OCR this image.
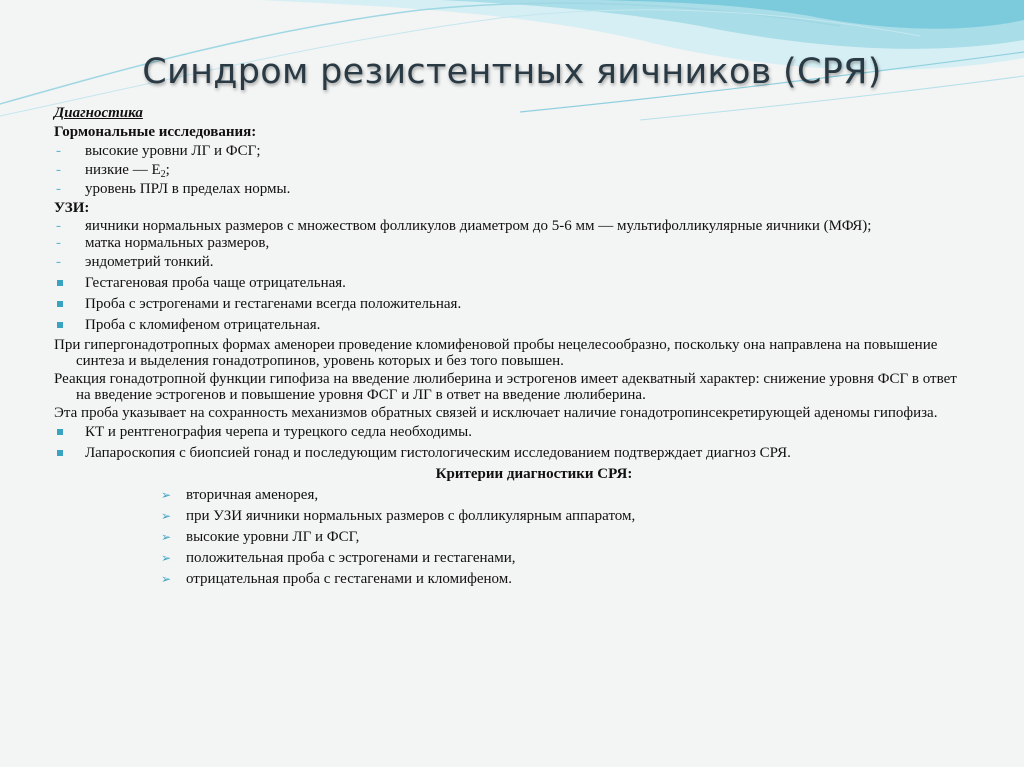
Синдром резистентных яичников (СРЯ)

Диагностика

Гормональные исследования:

- высокие уровни ЛГ и ФСГ;
- низкие — $Е_2$;
- уровень ПРЛ в пределах нормы.

УЗИ:

- яичники нормальных размеров с множеством фолликулов диаметром до 5-6 мм — мультифолликулярные яичники (МФЯ);
- матка нормальных размеров,
- эндометрий тонкий.
Гестагеновая проба чаще отрицательная.
Проба с эстрогенами и гестагенами всегда положительная.
Проба с кломифеном отрицательная.

При гипергонадотропных формах аменореи проведение кломифеновой пробы нецелесообразно, поскольку она направлена на повышение синтеза и выделения гонадотропинов, уровень которых и без того повышен.

Реакция гонадотропной функции гипофиза на введение люлиберина и эстрогенов имеет адекватный характер: снижение уровня ФСГ в ответ на введение эстрогенов и повышение уровня ФСГ и ЛГ в ответ на введение люлиберина.

Эта проба указывает на сохранность механизмов обратных связей и исключает наличие гонадотропинсекретирующей аденомы гипофиза.

КТ и рентгенография черепа и турецкого седла необходимы.
Лапароскопия с биопсией гонад и последующим гистологическим исследованием подтверждает диагноз СРЯ.

Критерии диагностики СРЯ:

➢ вторичная аменорея,
➢ при УЗИ яичники нормальных размеров с фолликулярным аппаратом,
➢ высокие уровни ЛГ и ФСГ,
➢ положительная проба с эстрогенами и гестагенами,
➢ отрицательная проба с гестагенами и кломифеном.
